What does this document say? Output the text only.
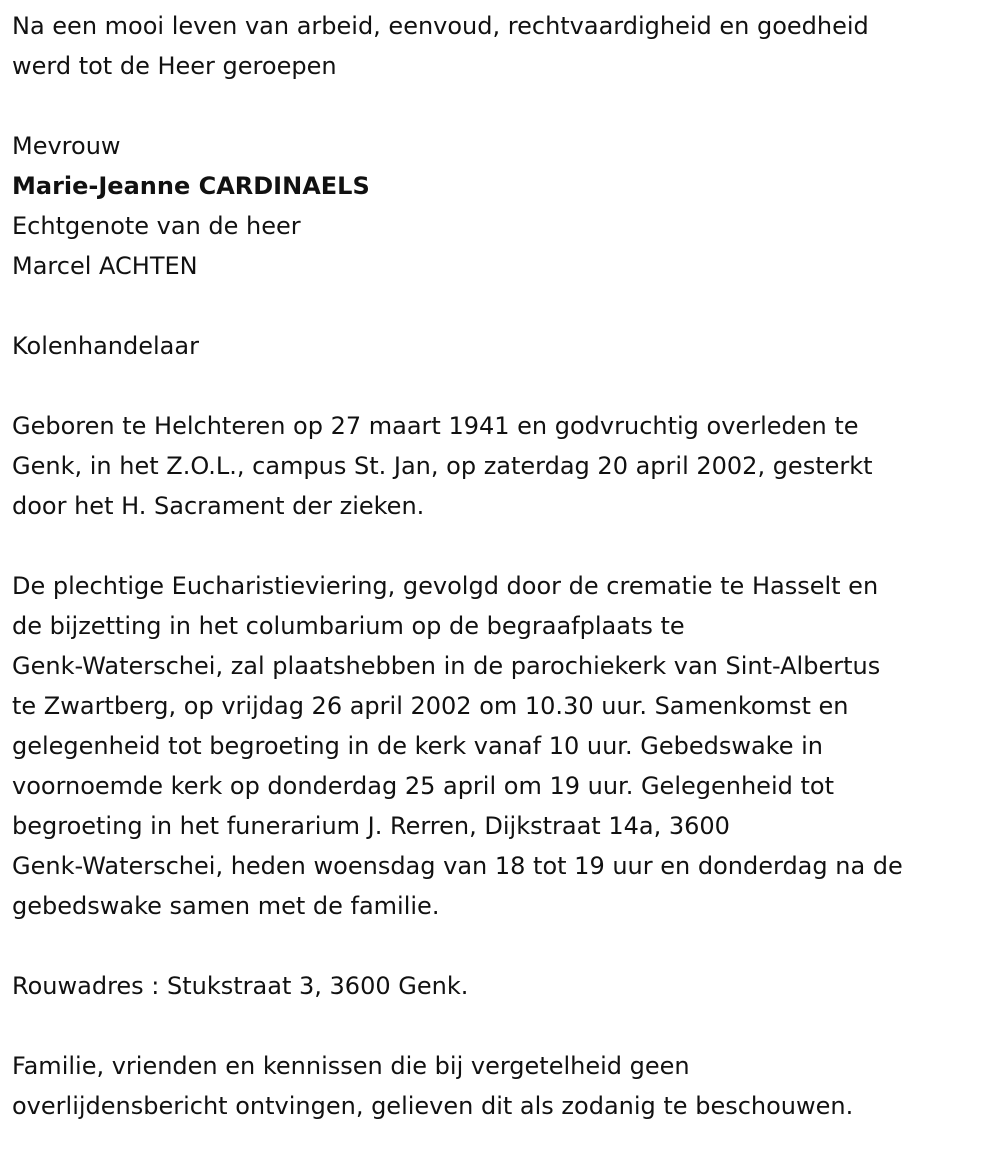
Na een mooi leven van arbeid, eenvoud, rechtvaardigheid en goedheid
werd tot de Heer geroepen
Mevrouw
Marie-Jeanne CARDINAELS
Echtgenote van de heer
Marcel ACHTEN
Kolenhandelaar
Geboren te Helchteren op 27 maart 1941 en godvruchtig overleden te
Genk, in het Z.O.L., campus St. Jan, op zaterdag 20 april 2002, gesterkt
door het H. Sacrament der zieken.
De plechtige Eucharistieviering, gevolgd door de crematie te Hasselt en
de bijzetting in het columbarium op de begraafplaats te
Genk-Waterschei, zal plaatshebben in de parochiekerk van Sint-Albertus
te Zwartberg, op vrijdag 26 april 2002 om 10.30 uur. Samenkomst en
gelegenheid tot begroeting in de kerk vanaf 10 uur. Gebedswake in
voornoemde kerk op donderdag 25 april om 19 uur. Gelegenheid tot
begroeting in het funerarium J. Rerren, Dijkstraat 14a, 3600
Genk-Waterschei, heden woensdag van 18 tot 19 uur en donderdag na de
gebedswake samen met de familie.
Rouwadres : Stukstraat 3, 3600 Genk.
Familie, vrienden en kennissen die bij vergetelheid geen
overlijdensbericht ontvingen, gelieven dit als zodanig te beschouwen.
